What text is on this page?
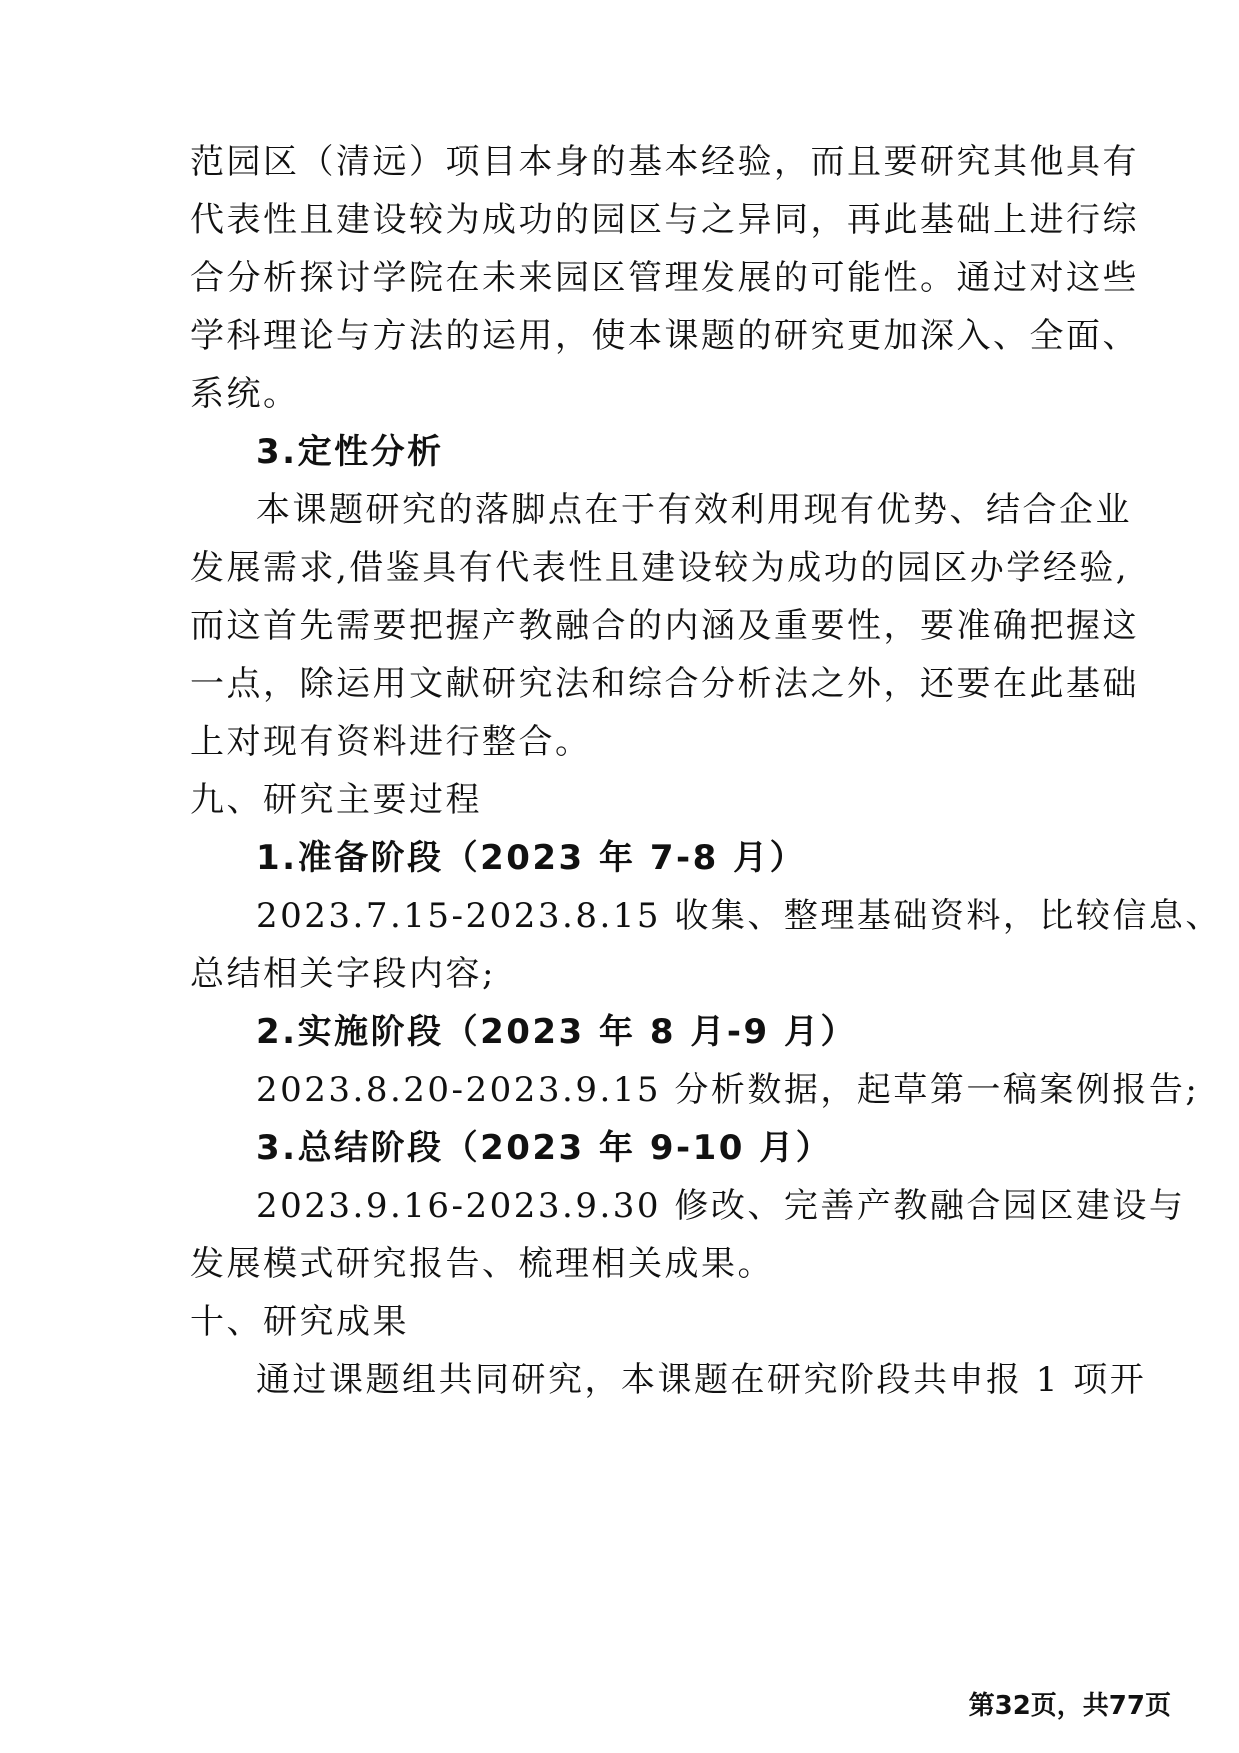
范园区（清远）项目本身的基本经验，而且要研究其他具有
代表性且建设较为成功的园区与之异同，再此基础上进行综
合分析探讨学院在未来园区管理发展的可能性。通过对这些
学科理论与方法的运用，使本课题的研究更加深入、全面、
系统。
3.定性分析
本课题研究的落脚点在于有效利用现有优势、结合企业
发展需求,借鉴具有代表性且建设较为成功的园区办学经验,
而这首先需要把握产教融合的内涵及重要性，要准确把握这
一点，除运用文献研究法和综合分析法之外，还要在此基础
上对现有资料进行整合。
九、研究主要过程
1.准备阶段（2023 年 7-8 月）
2023.7.15-2023.8.15 收集、整理基础资料，比较信息、
总结相关字段内容;
2.实施阶段（2023 年 8 月-9 月）
2023.8.20-2023.9.15 分析数据，起草第一稿案例报告;
3.总结阶段（2023 年 9-10 月）
2023.9.16-2023.9.30 修改、完善产教融合园区建设与
发展模式研究报告、梳理相关成果。
十、研究成果
通过课题组共同研究，本课题在研究阶段共申报 1 项开
第32页，共77页
